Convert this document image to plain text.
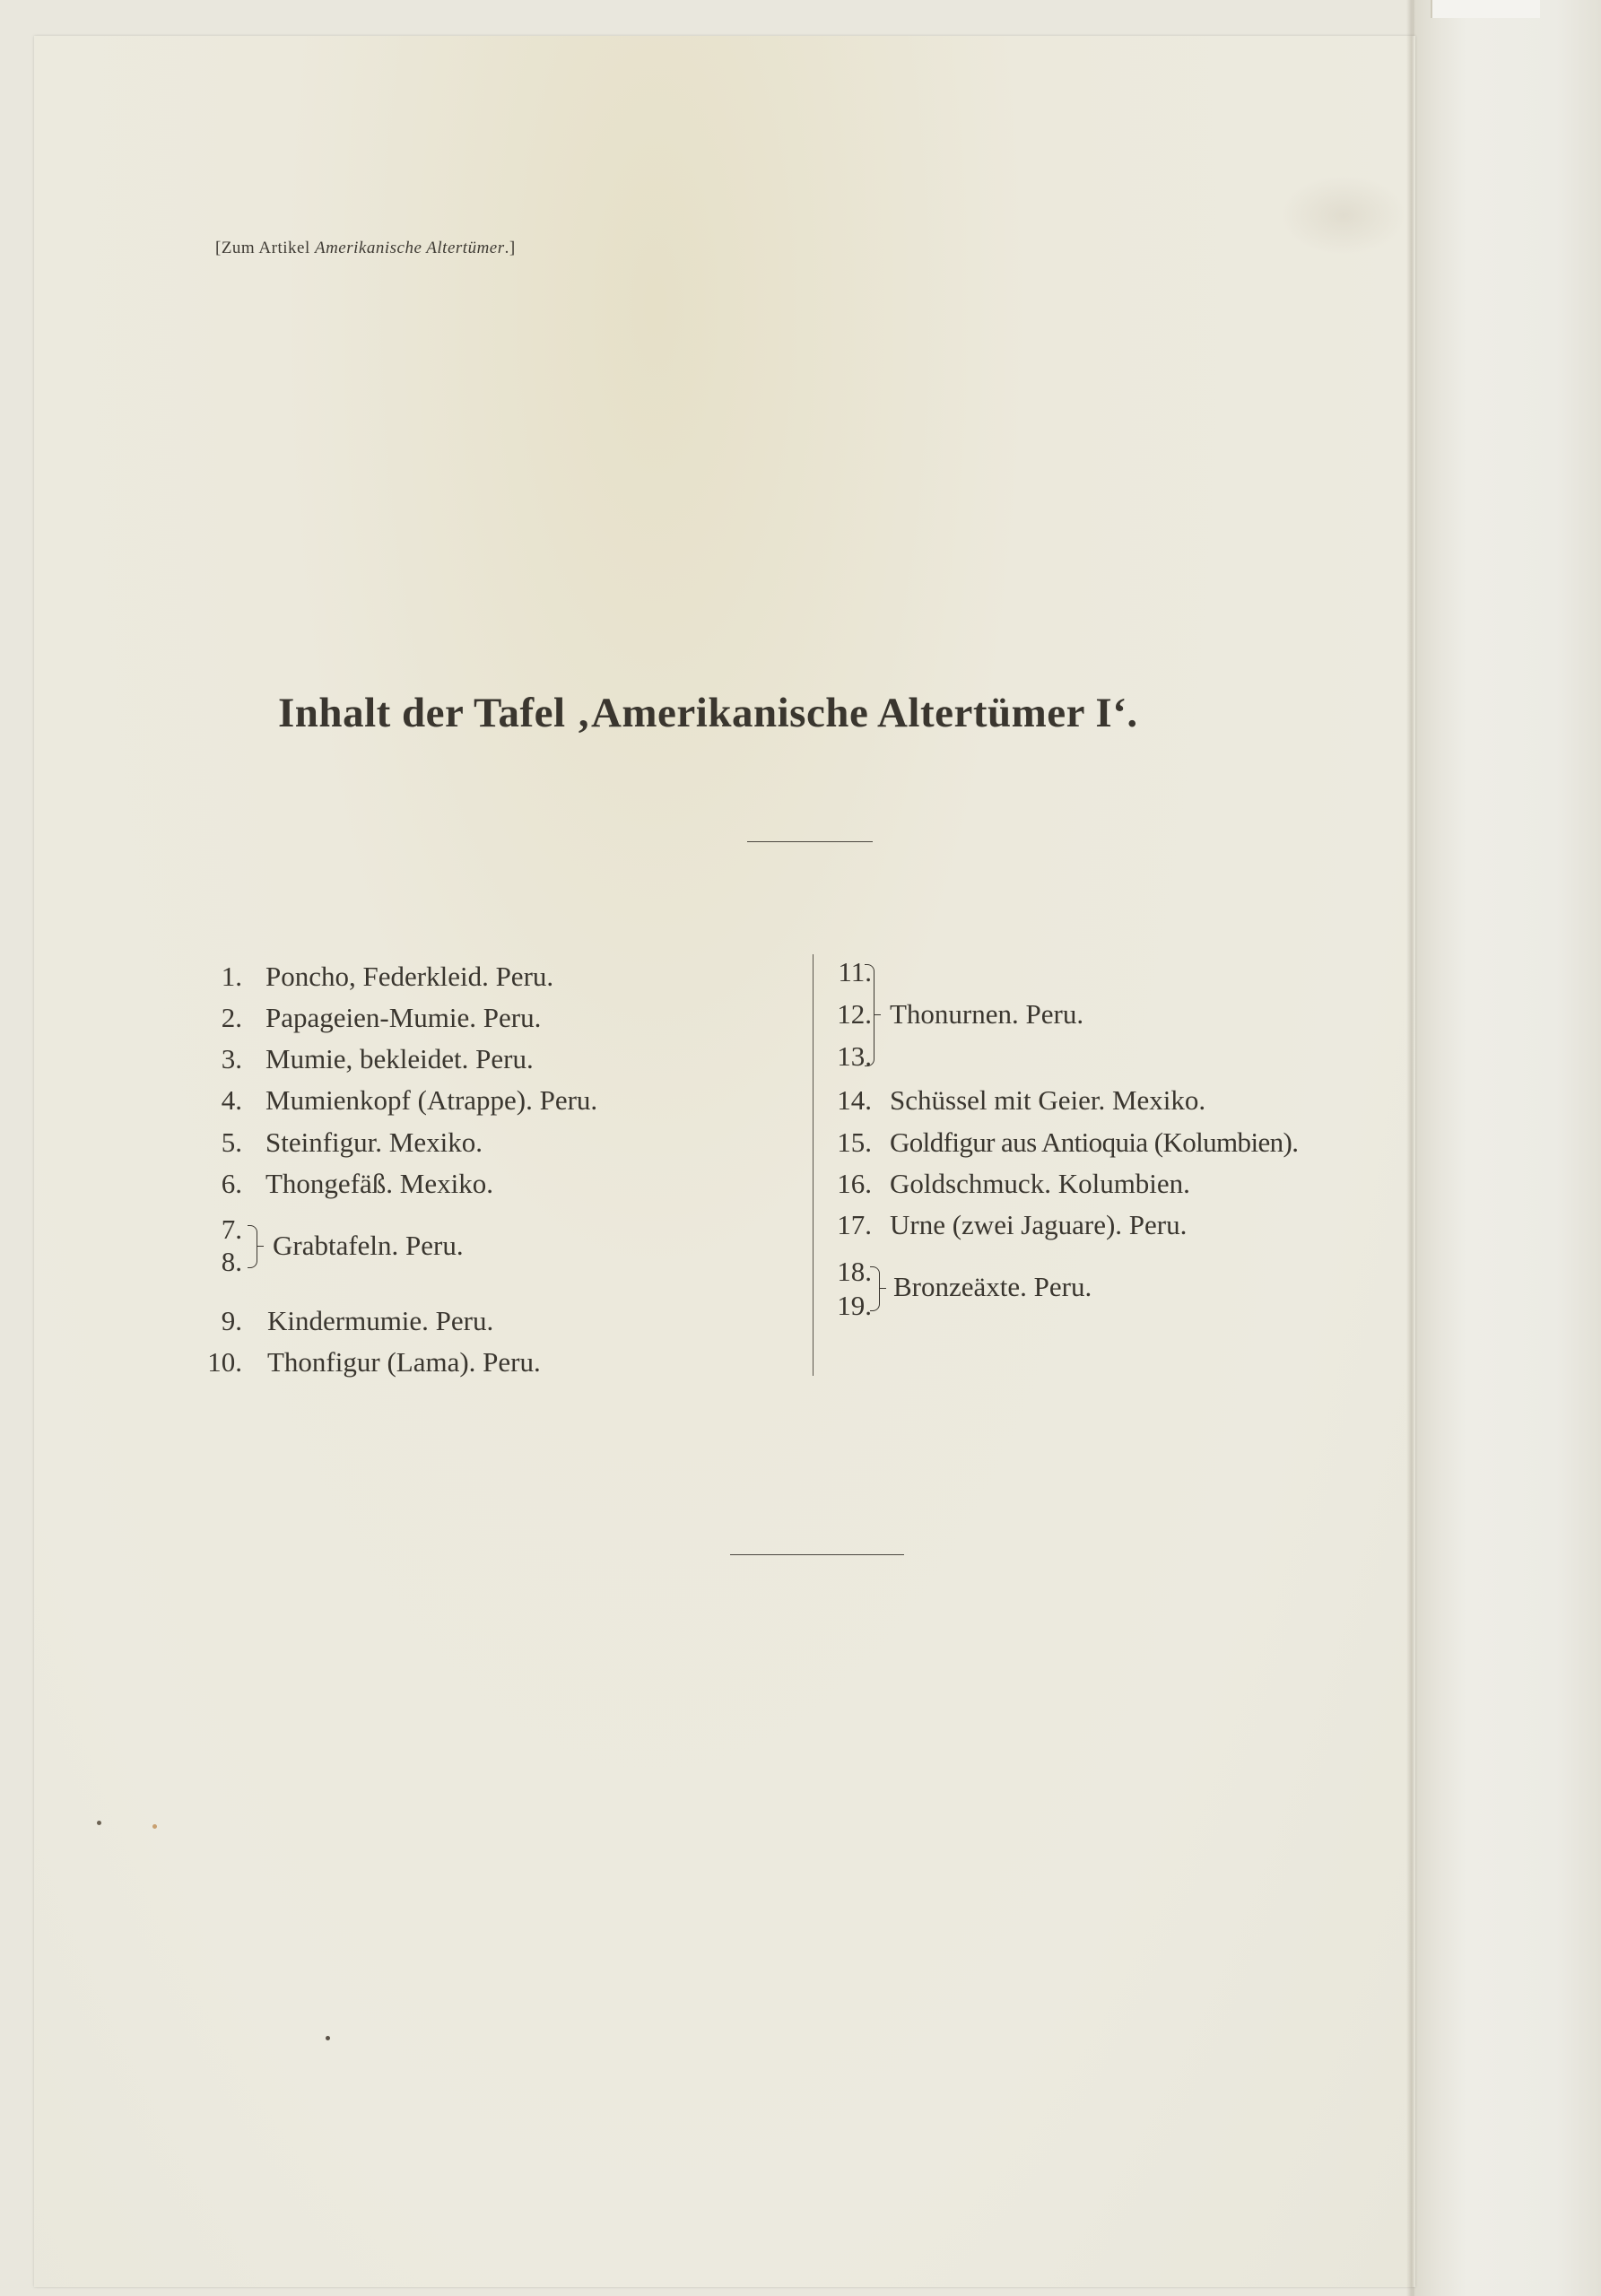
[Zum Artikel Amerikanische Altertümer.]
Inhalt der Tafel ‚Amerikanische Altertümer I‘.
1. Poncho, Federkleid. Peru.
2. Papageien-Mumie. Peru.
3. Mumie, bekleidet. Peru.
4. Mumienkopf (Atrappe). Peru.
5. Steinfigur. Mexiko.
6. Thongefäß. Mexiko.
7.
8.
Grabtafeln. Peru.
9. Kindermumie. Peru.
10. Thonfigur (Lama). Peru.
11.
12.
13.
Thonurnen. Peru.
14. Schüssel mit Geier. Mexiko.
15. Goldfigur aus Antioquia (Kolumbien).
16. Goldschmuck. Kolumbien.
17. Urne (zwei Jaguare). Peru.
18.
19.
Bronzeäxte. Peru.
